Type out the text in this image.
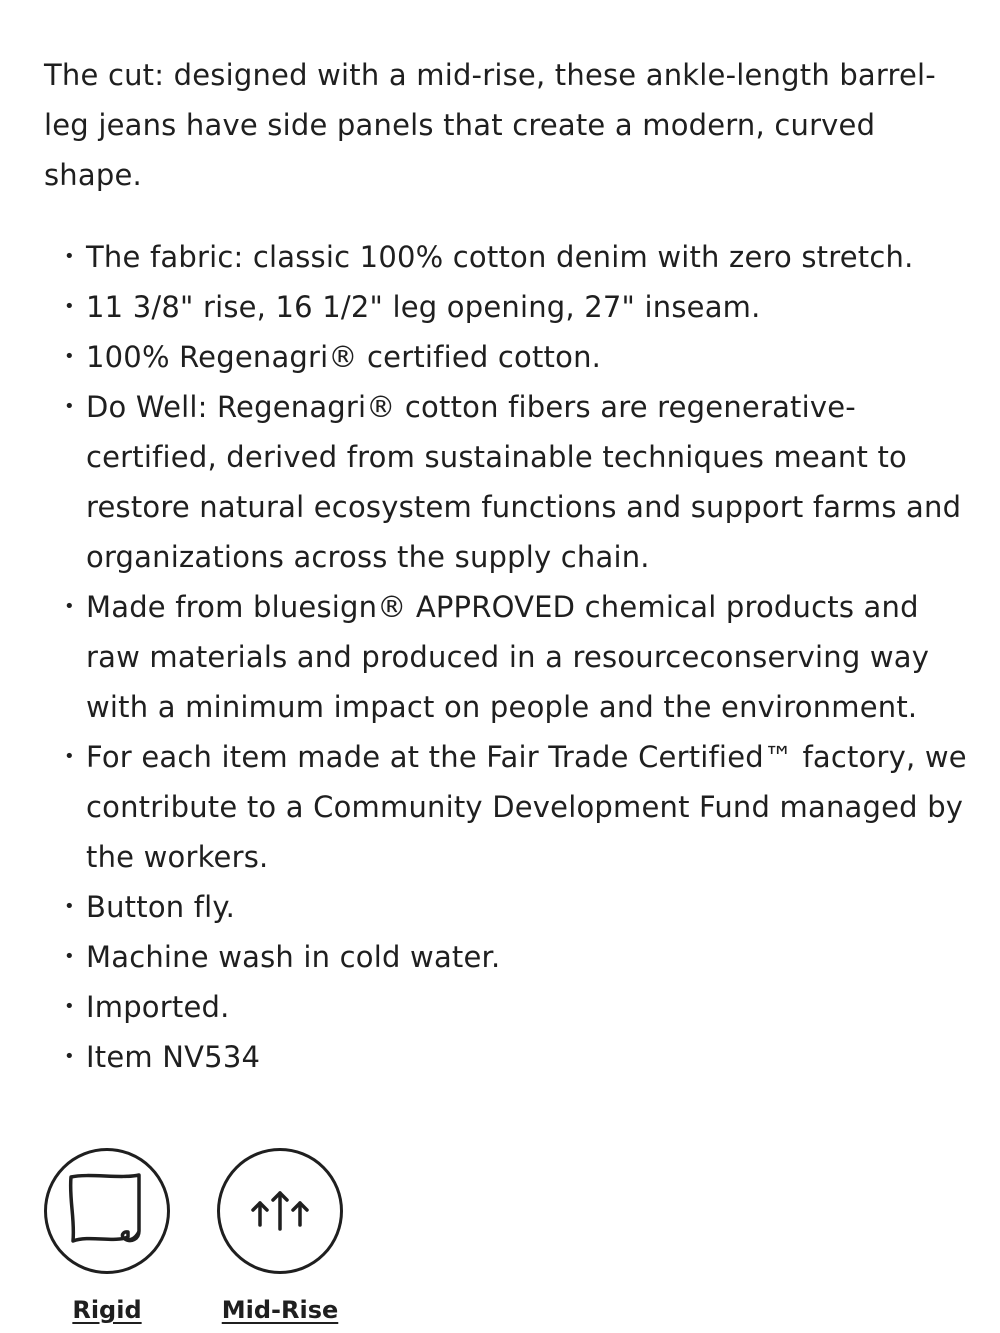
The cut: designed with a mid-rise, these ankle-length barrel-leg jeans have side panels that create a modern, curved shape.

• The fabric: classic 100% cotton denim with zero stretch.
• 11 3/8" rise, 16 1/2" leg opening, 27" inseam.
• 100% Regenagri® certified cotton.
• Do Well: Regenagri® cotton fibers are regenerative-certified, derived from sustainable techniques meant to restore natural ecosystem functions and support farms and organizations across the supply chain.
• Made from bluesign® APPROVED chemical products and raw materials and produced in a resourceconserving way with a minimum impact on people and the environment.
• For each item made at the Fair Trade Certified™ factory, we contribute to a Community Development Fund managed by the workers.
• Button fly.
• Machine wash in cold water.
• Imported.
• Item NV534
Rigid	Mid-Rise
